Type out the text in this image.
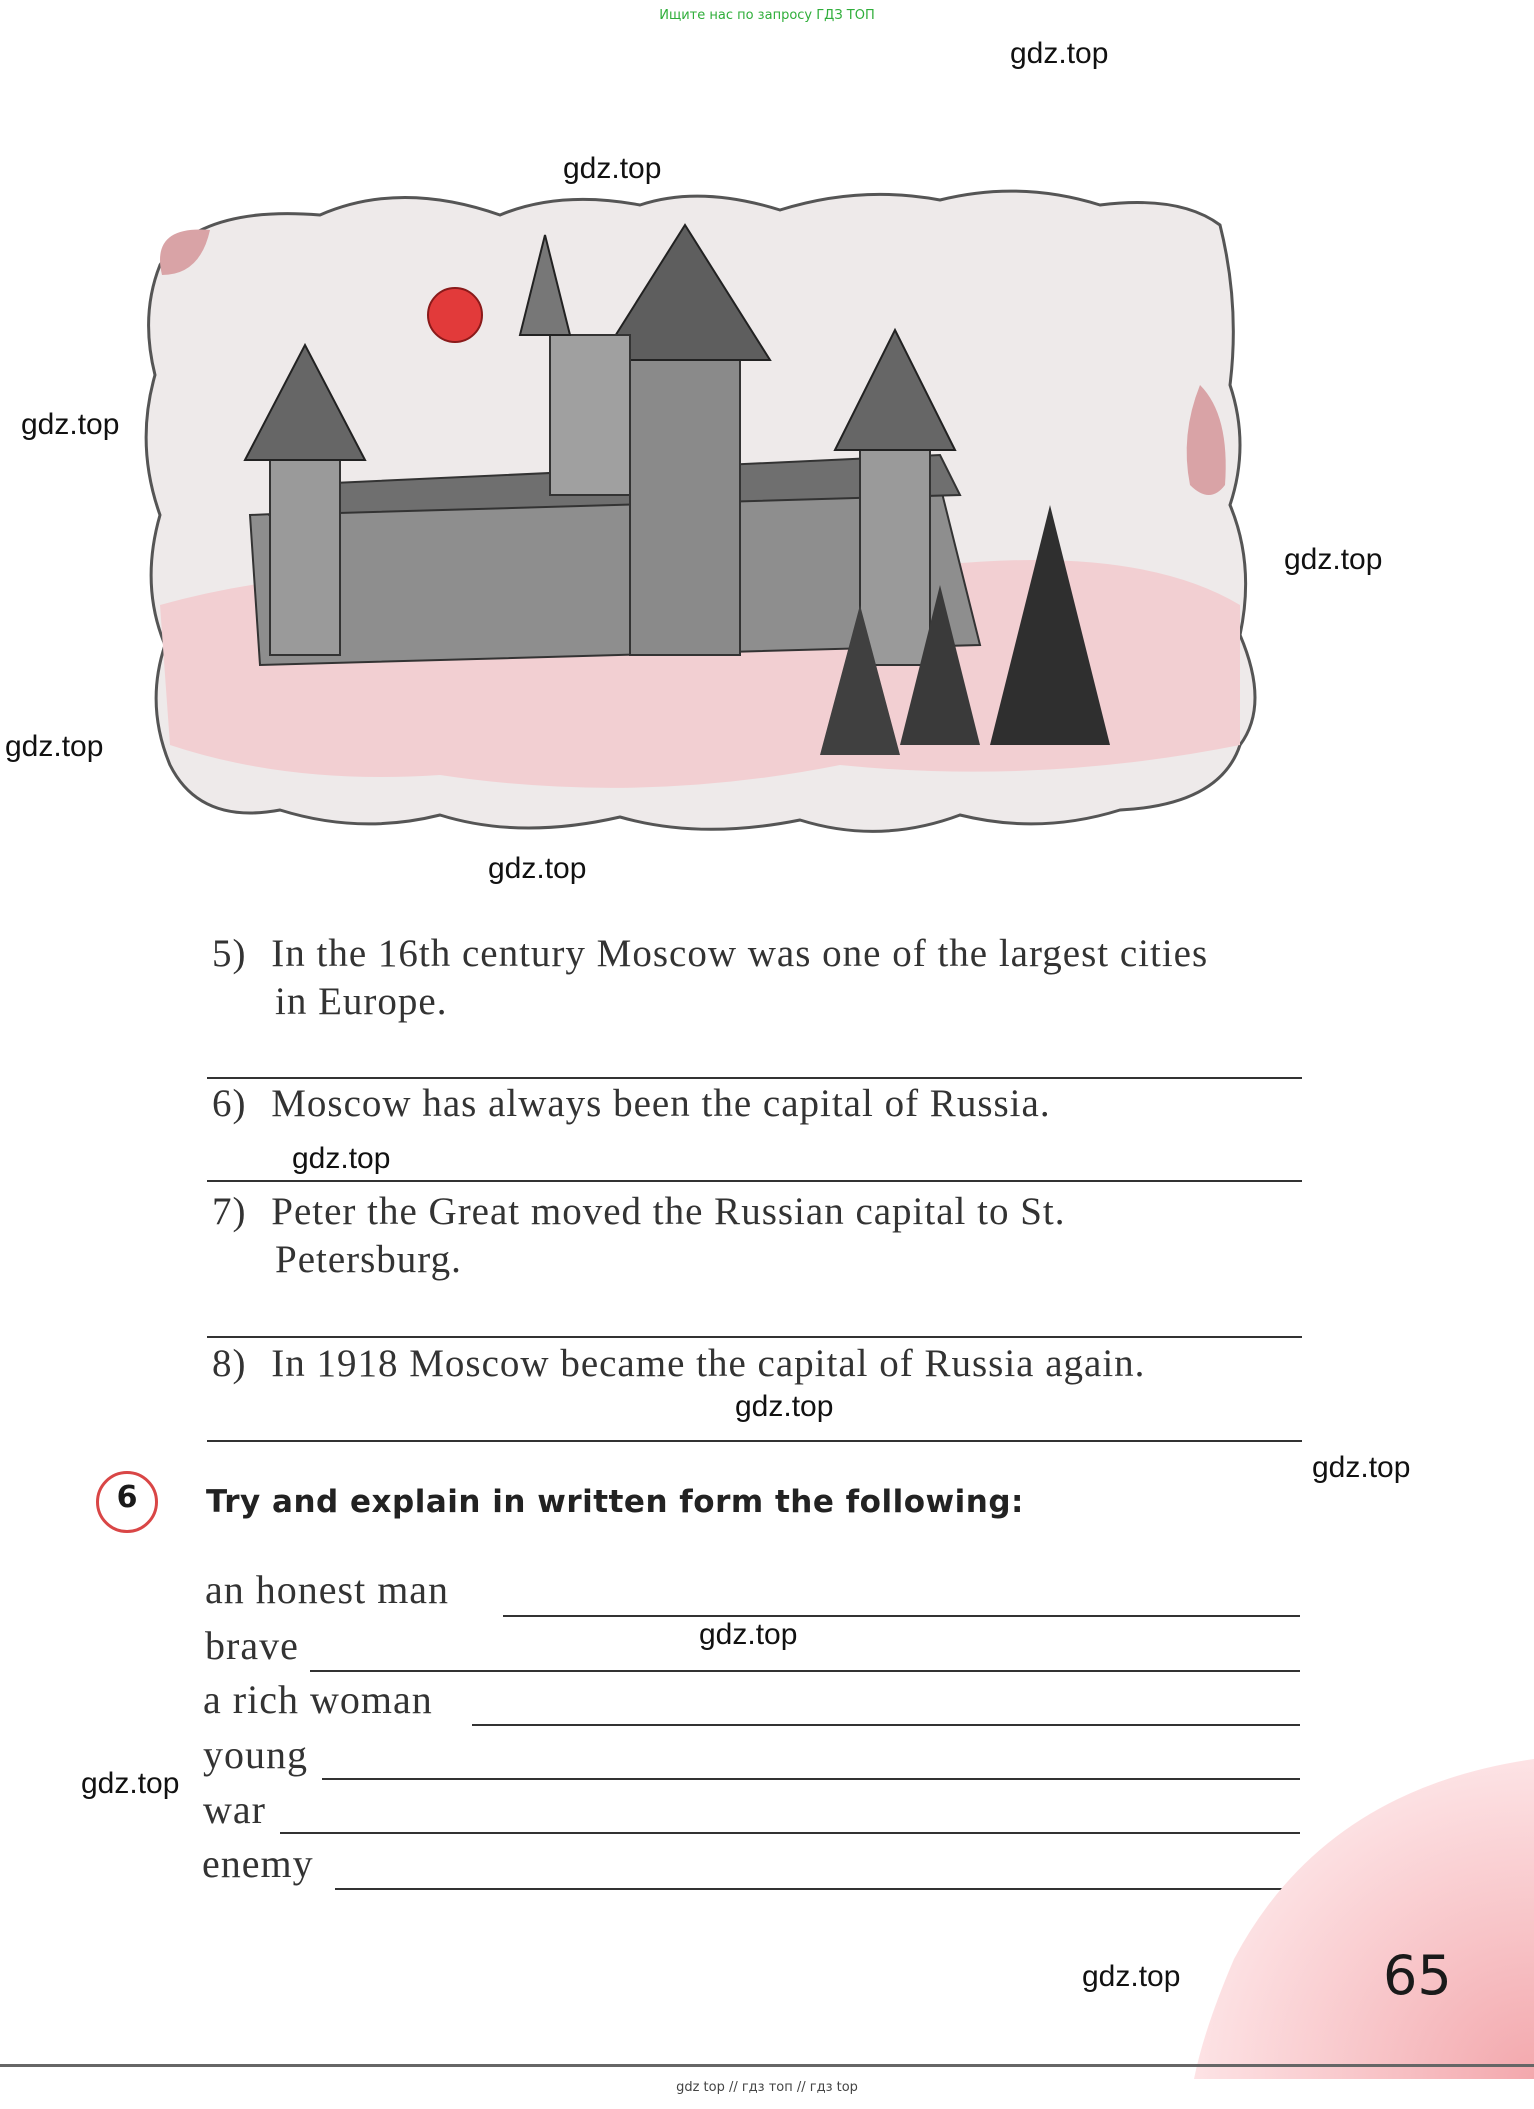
Ищите нас по запросу ГДЗ ТОП
5) In the 16th century Moscow was one of the largest cities
in Europe.
6) Moscow has always been the capital of Russia.
7) Peter the Great moved the Russian capital to St.
Petersburg.
8) In 1918 Moscow became the capital of Russia again.
6	Try and explain in written form the following:
an honest man
brave
a rich woman
young
war
enemy
65
gdz.top
gdz.top
gdz.top
gdz.top
gdz.top
gdz.top
gdz.top
gdz.top
gdz.top
gdz.top
gdz.top
gdz.top
gdz top // гдз топ // гдз top
